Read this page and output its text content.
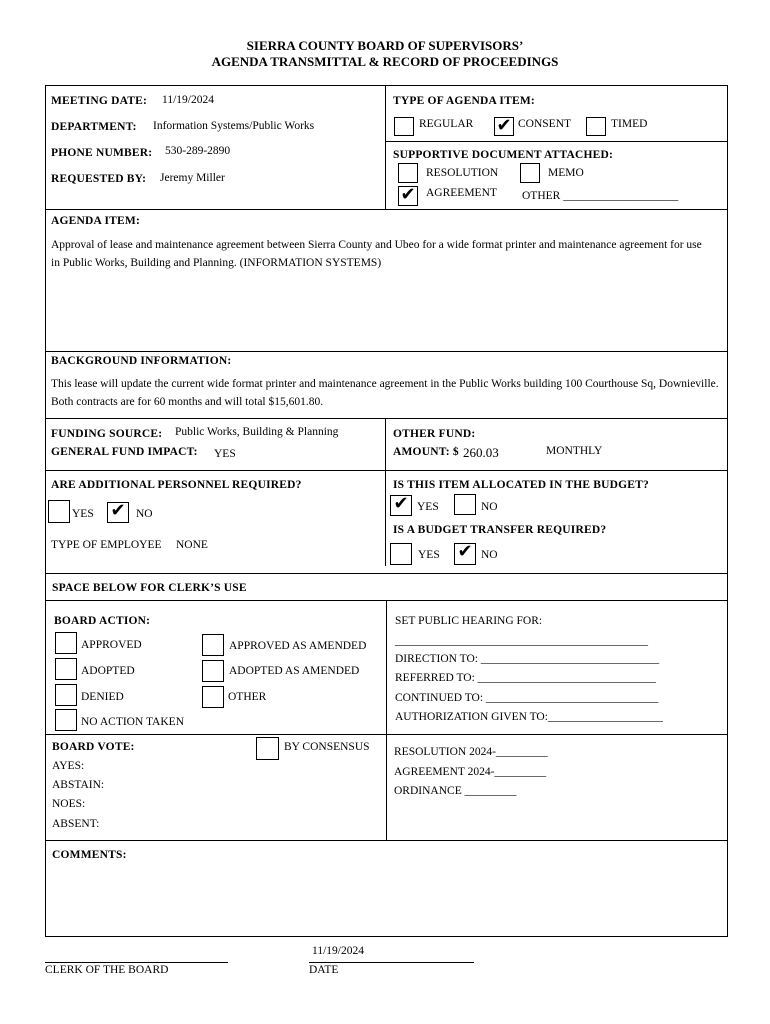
SIERRA COUNTY BOARD OF SUPERVISORS’
AGENDA TRANSMITTAL & RECORD OF PROCEEDINGS
MEETING DATE: 11/19/2024
DEPARTMENT: Information Systems/Public Works
PHONE NUMBER: 530-289-2890
REQUESTED BY: Jeremy Miller
TYPE OF AGENDA ITEM:
REGULAR ✔ CONSENT	TIMED
SUPPORTIVE DOCUMENT ATTACHED:
RESOLUTION	MEMO
✔ AGREEMENT OTHER ____________________
AGENDA ITEM:
Approval of lease and maintenance agreement between Sierra County and Ubeo for a wide format printer and maintenance agreement for use in Public Works, Building and Planning. (INFORMATION SYSTEMS)
BACKGROUND INFORMATION:
This lease will update the current wide format printer and maintenance agreement in the Public Works building 100 Courthouse Sq, Downieville. Both contracts are for 60 months and will total $15,601.80.
FUNDING SOURCE: Public Works, Building & Planning
GENERAL FUND IMPACT: YES
OTHER FUND:
AMOUNT: $ 260.03	MONTHLY
ARE ADDITIONAL PERSONNEL REQUIRED?
YES ✔ NO
TYPE OF EMPLOYEE NONE
IS THIS ITEM ALLOCATED IN THE BUDGET?
✔ YES	NO
IS A BUDGET TRANSFER REQUIRED?
YES ✔ NO
SPACE BELOW FOR CLERK’S USE
BOARD ACTION:
APPROVED	APPROVED AS AMENDED
ADOPTED	ADOPTED AS AMENDED
DENIED	OTHER
NO ACTION TAKEN
SET PUBLIC HEARING FOR:
____________________________________________
DIRECTION TO: _______________________________
REFERRED TO: _______________________________
CONTINUED TO: ______________________________
AUTHORIZATION GIVEN TO:____________________
BOARD VOTE:	BY CONSENSUS
AYES:
ABSTAIN:
NOES:
ABSENT:
RESOLUTION 2024-_________
AGREEMENT 2024-_________
ORDINANCE _________
COMMENTS:
CLERK OF THE BOARD
11/19/2024
DATE
